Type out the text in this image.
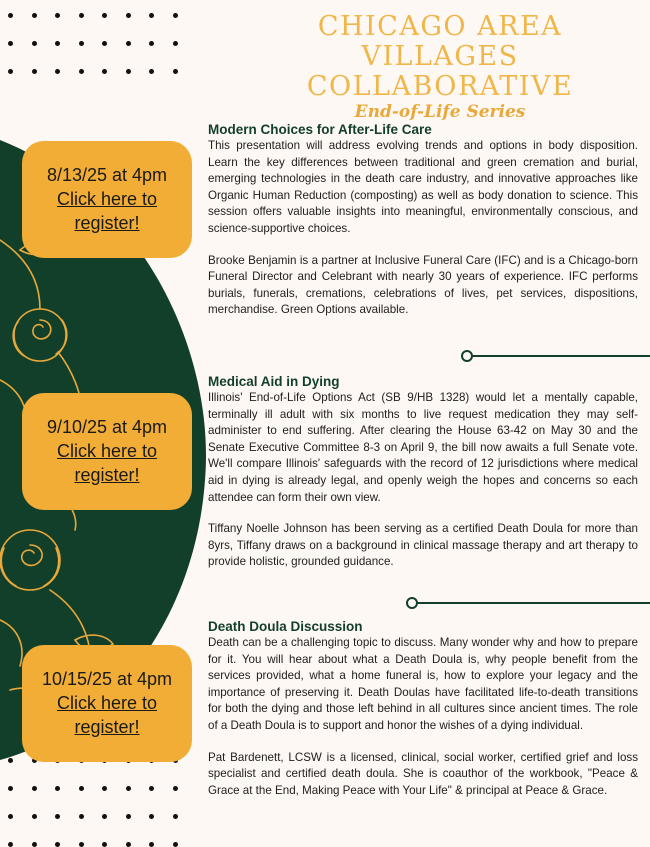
CHICAGO AREA
VILLAGES COLLABORATIVE
End-of-Life Series
8/13/25 at 4pm
Click here to
register!
9/10/25 at 4pm
Click here to
register!
10/15/25 at 4pm
Click here to
register!
Modern Choices for After-Life Care

This presentation will address evolving trends and options in body disposition. Learn the key differences between traditional and green cremation and burial, emerging technologies in the death care industry, and innovative approaches like Organic Human Reduction (composting) as well as body donation to science. This session offers valuable insights into meaningful, environmentally conscious, and science-supportive choices.

Brooke Benjamin is a partner at Inclusive Funeral Care (IFC) and is a Chicago-born Funeral Director and Celebrant with nearly 30 years of experience. IFC performs burials, funerals, cremations, celebrations of lives, pet services, dispositions, merchandise. Green Options available.

Medical Aid in Dying

Illinois' End-of-Life Options Act (SB 9/HB 1328) would let a mentally capable, terminally ill adult with six months to live request medication they may self-administer to end suffering. After clearing the House 63-42 on May 30 and the Senate Executive Committee 8-3 on April 9, the bill now awaits a full Senate vote. We'll compare Illinois' safeguards with the record of 12 jurisdictions where medical aid in dying is already legal, and openly weigh the hopes and concerns so each attendee can form their own view.

Tiffany Noelle Johnson has been serving as a certified Death Doula for more than 8yrs, Tiffany draws on a background in clinical massage therapy and art therapy to provide holistic, grounded guidance.

Death Doula Discussion

Death can be a challenging topic to discuss. Many wonder why and how to prepare for it. You will hear about what a Death Doula is, why people benefit from the services provided, what a home funeral is, how to explore your legacy and the importance of preserving it. Death Doulas have facilitated life-to-death transitions for both the dying and those left behind in all cultures since ancient times. The role of a Death Doula is to support and honor the wishes of a dying individual.

Pat Bardenett, LCSW is a licensed, clinical, social worker, certified grief and loss specialist and certified death doula. She is coauthor of the workbook, "Peace & Grace at the End, Making Peace with Your Life" & principal at Peace & Grace.
